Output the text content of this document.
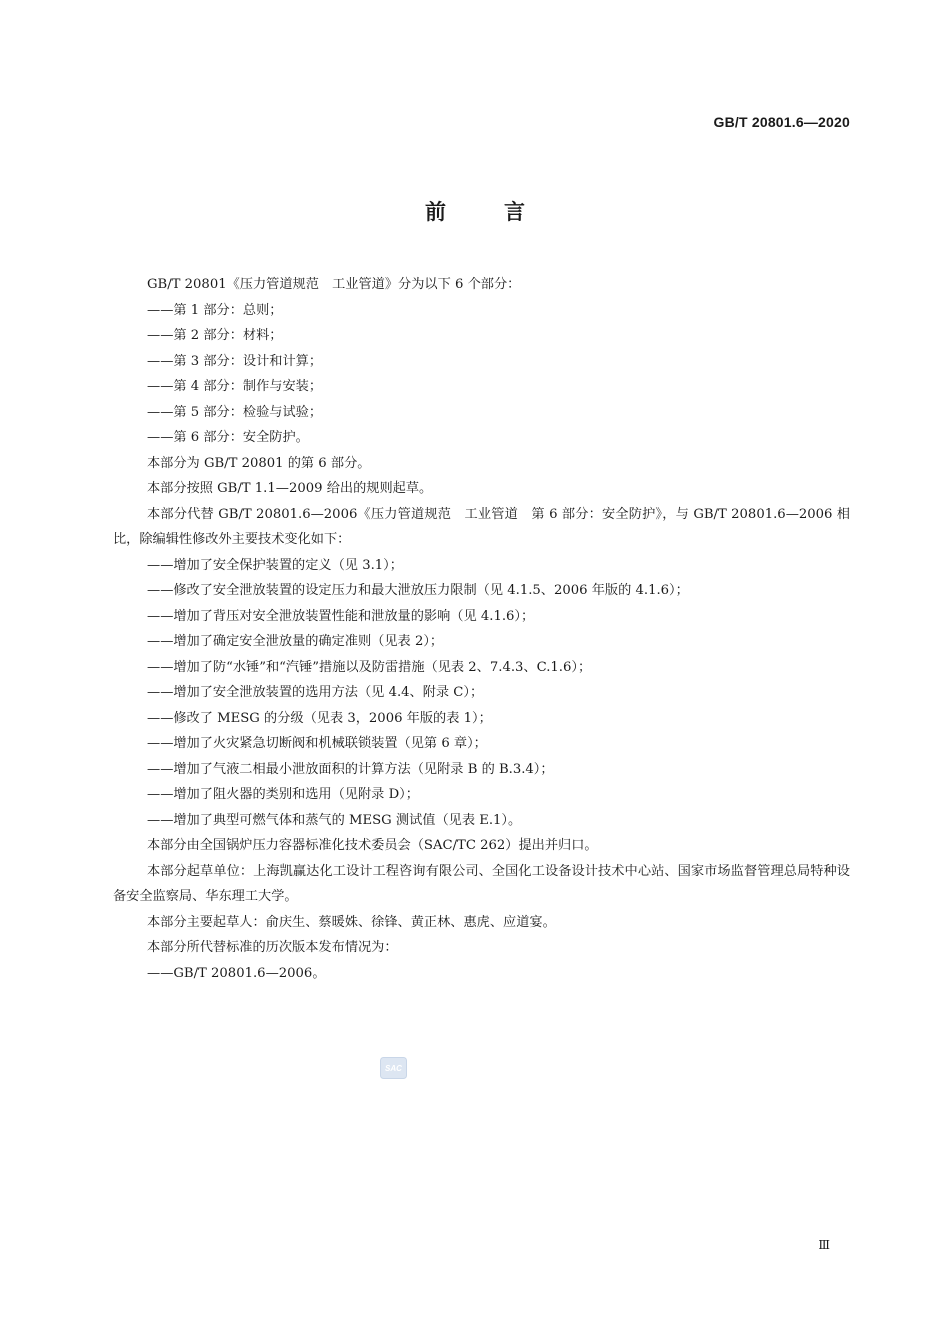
GB/T 20801.6—2020
前言

GB/T 20801《压力管道规范　工业管道》分为以下 6 个部分：

——第 1 部分：总则；

——第 2 部分：材料；

——第 3 部分：设计和计算；

——第 4 部分：制作与安装；

——第 5 部分：检验与试验；

——第 6 部分：安全防护。

本部分为 GB/T 20801 的第 6 部分。

本部分按照 GB/T 1.1—2009 给出的规则起草。

本部分代替 GB/T 20801.6—2006《压力管道规范　工业管道　第 6 部分：安全防护》，与 GB/T 20801.6—2006 相比，除编辑性修改外主要技术变化如下：

——增加了安全保护装置的定义（见 3.1）；

——修改了安全泄放装置的设定压力和最大泄放压力限制（见 4.1.5、2006 年版的 4.1.6）；

——增加了背压对安全泄放装置性能和泄放量的影响（见 4.1.6）；

——增加了确定安全泄放量的确定准则（见表 2）；

——增加了防“水锤”和“汽锤”措施以及防雷措施（见表 2、7.4.3、C.1.6）；

——增加了安全泄放装置的选用方法（见 4.4、附录 C）；

——修改了 MESG 的分级（见表 3，2006 年版的表 1）；

——增加了火灾紧急切断阀和机械联锁装置（见第 6 章）；

——增加了气液二相最小泄放面积的计算方法（见附录 B 的 B.3.4）；

——增加了阻火器的类别和选用（见附录 D）；

——增加了典型可燃气体和蒸气的 MESG 测试值（见表 E.1）。

本部分由全国锅炉压力容器标准化技术委员会（SAC/TC 262）提出并归口。

本部分起草单位：上海凯赢达化工设计工程咨询有限公司、全国化工设备设计技术中心站、国家市场监督管理总局特种设备安全监察局、华东理工大学。

本部分主要起草人：俞庆生、蔡暖姝、徐锋、黄正林、惠虎、应道宴。

本部分所代替标准的历次版本发布情况为：

——GB/T 20801.6—2006。

SAC
Ⅲ
